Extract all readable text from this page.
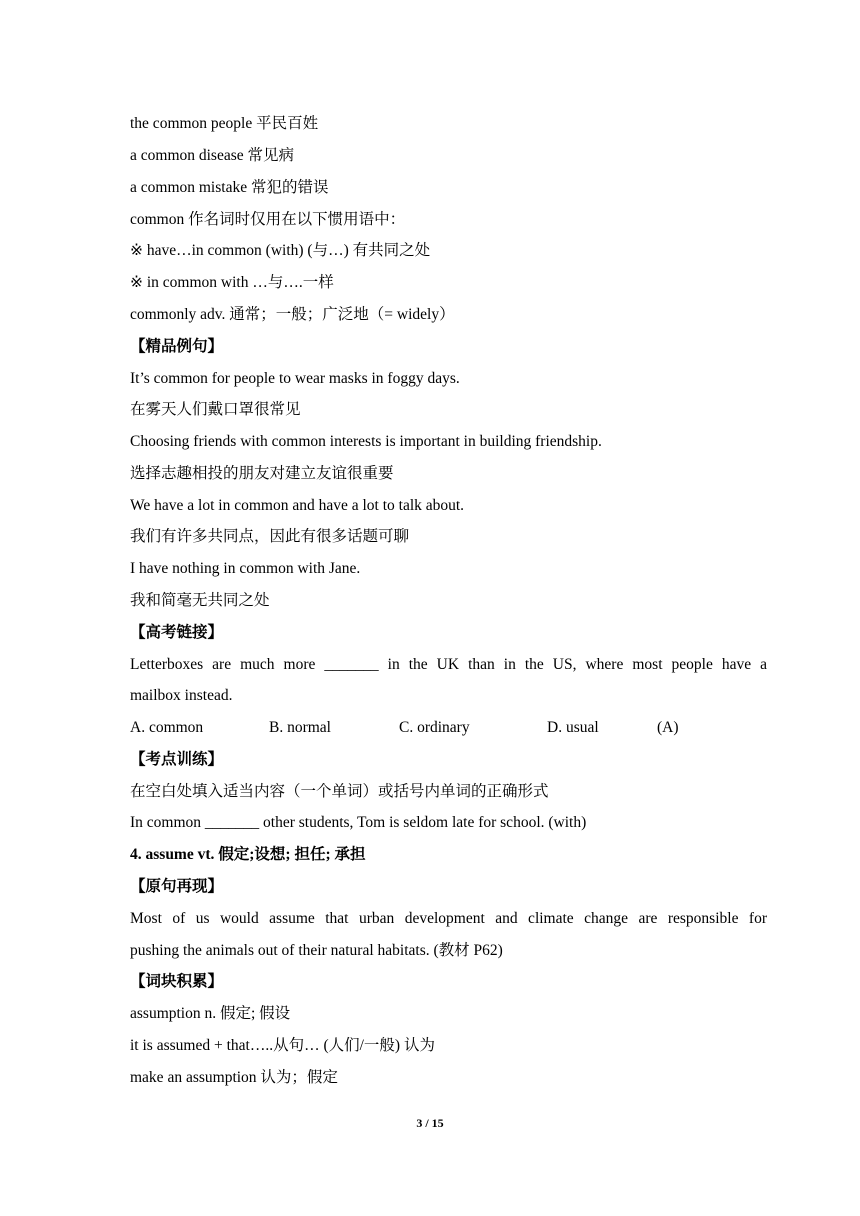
the common people 平民百姓
a common disease 常见病
a common mistake 常犯的错误
common 作名词时仅用在以下惯用语中：
※ have…in common (with) (与…) 有共同之处
※ in common with …与….一样
commonly adv. 通常；一般；广泛地（= widely）
【精品例句】
It’s common for people to wear masks in foggy days.
在雾天人们戴口罩很常见
Choosing friends with common interests is important in building friendship.
选择志趣相投的朋友对建立友谊很重要
We have a lot in common and have a lot to talk about.
我们有许多共同点，因此有很多话题可聊
I have nothing in common with Jane.
我和简毫无共同之处
【高考链接】
Letterboxes are much more _______ in the UK than in the US, where most people have a
mailbox instead.
A. common	B. normal	C. ordinary	D. usual	(A)
【考点训练】
在空白处填入适当内容（一个单词）或括号内单词的正确形式
In common _______ other students, Tom is seldom late for school. (with)
4. assume vt. 假定;设想; 担任; 承担
【原句再现】
Most of us would assume that urban development and climate change are responsible for
pushing the animals out of their natural habitats. (教材 P62)
【词块积累】
assumption n. 假定; 假设
it is assumed + that…..从句… (人们/一般) 认为
make an assumption 认为；假定
3 / 15
